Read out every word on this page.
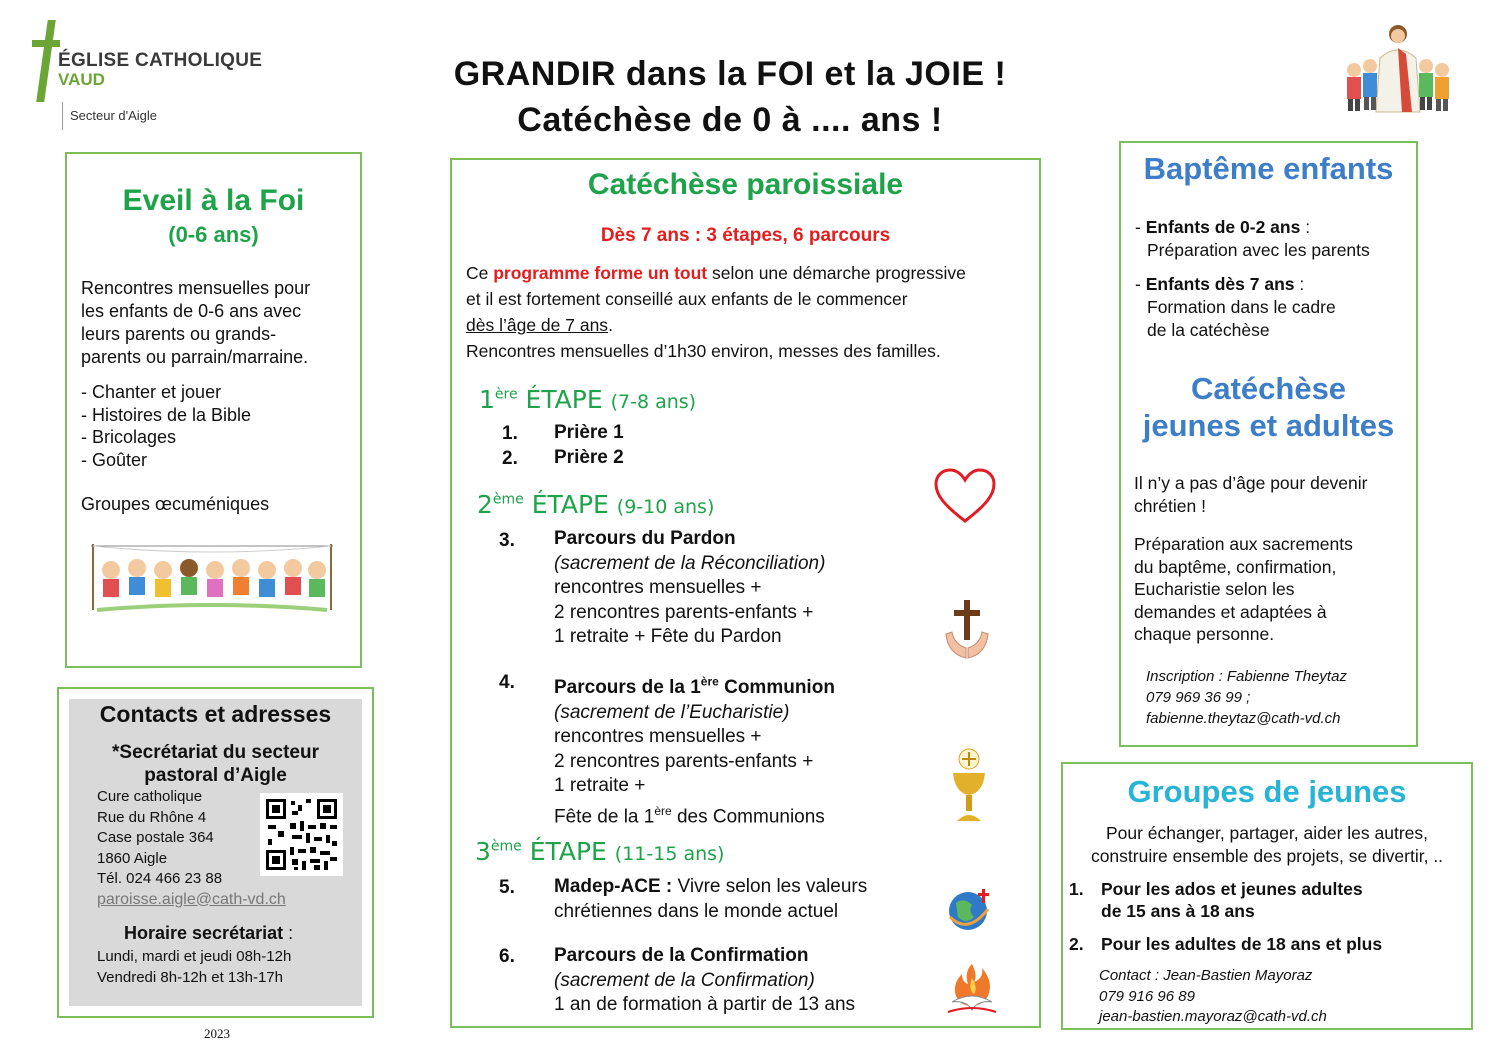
ÉGLISE CATHOLIQUE
VAUD
Secteur d'Aigle
GRANDIR dans la FOI et la JOIE !
Catéchèse de 0 à .... ans !
Eveil à la Foi
(0-6 ans)
Rencontres mensuelles pour
les enfants de 0-6 ans avec
leurs parents ou grands-
parents ou parrain/marraine.
- Chanter et jouer
- Histoires de la Bible
- Bricolages
- Goûter
Groupes œcuméniques
Contacts et adresses
*Secrétariat du secteur
pastoral d’Aigle
Cure catholique
Rue du Rhône 4
Case postale 364
1860 Aigle
Tél. 024 466 23 88
paroisse.aigle@cath-vd.ch
Horaire secrétariat :
Lundi, mardi et jeudi 08h-12h
Vendredi 8h-12h et 13h-17h
2023
Catéchèse paroissiale
Dès 7 ans : 3 étapes, 6 parcours
Ce programme forme un tout selon une démarche progressive
et il est fortement conseillé aux enfants de le commencer
dès l’âge de 7 ans.
Rencontres mensuelles d’1h30 environ, messes des familles.
1ère ÉTAPE (7-8 ans)
1. Prière 1
2. Prière 2
2ème ÉTAPE (9-10 ans)
3. Parcours du Pardon
(sacrement de la Réconciliation)
rencontres mensuelles +
2 rencontres parents-enfants +
1 retraite + Fête du Pardon
4. Parcours de la 1ère Communion
(sacrement de l’Eucharistie)
rencontres mensuelles +
2 rencontres parents-enfants +
1 retraite +
Fête de la 1ère des Communions
3ème ÉTAPE (11-15 ans)
5. Madep-ACE : Vivre selon les valeurs
chrétiennes dans le monde actuel
6. Parcours de la Confirmation
(sacrement de la Confirmation)
1 an de formation à partir de 13 ans
Baptême enfants
- Enfants de 0-2 ans :
Préparation avec les parents
- Enfants dès 7 ans :
Formation dans le cadre
de la catéchèse
Catéchèse
jeunes et adultes
Il n’y a pas d’âge pour devenir
chrétien !
Préparation aux sacrements
du baptême, confirmation,
Eucharistie selon les
demandes et adaptées à
chaque personne.
Inscription : Fabienne Theytaz
079 969 36 99 ;
fabienne.theytaz@cath-vd.ch
Groupes de jeunes
Pour échanger, partager, aider les autres,
construire ensemble des projets, se divertir, ..
1. Pour les ados et jeunes adultes
de 15 ans à 18 ans
2. Pour les adultes de 18 ans et plus
Contact : Jean-Bastien Mayoraz
079 916 96 89
jean-bastien.mayoraz@cath-vd.ch
